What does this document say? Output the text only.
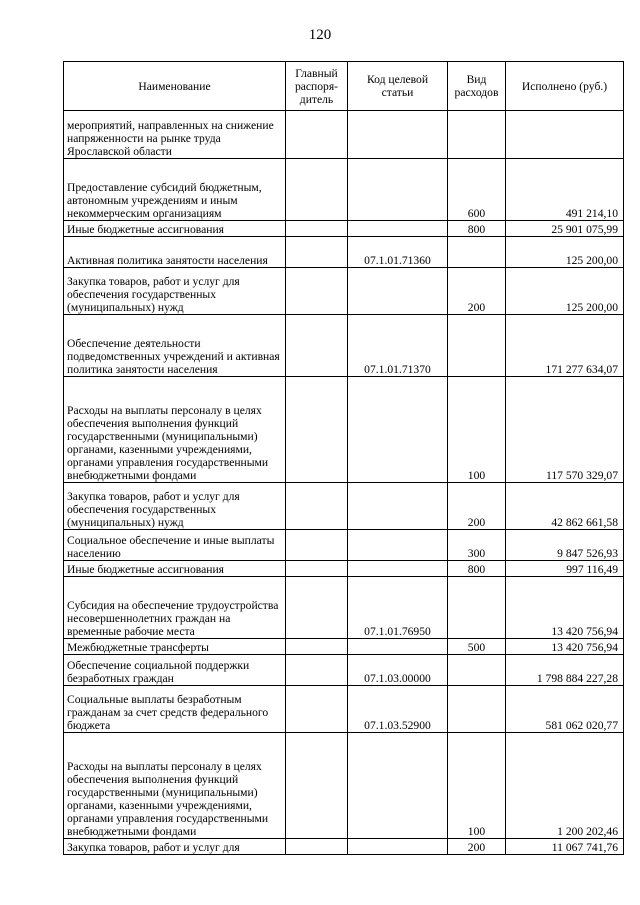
120
Наименование	Главный распоря-дитель	Код целевой статьи	Вид расходов	Исполнено (руб.)
мероприятий, направленных на снижение напряженности на рынке труда Ярославской области				
Предоставление субсидий бюджетным, автономным учреждениям и иным некоммерческим организациям			600	491 214,10
Иные бюджетные ассигнования			800	25 901 075,99
Активная политика занятости населения		07.1.01.71360		125 200,00
Закупка товаров, работ и услуг для обеспечения государственных (муниципальных) нужд			200	125 200,00
Обеспечение деятельности подведомственных учреждений и активная политика занятости населения		07.1.01.71370		171 277 634,07
Расходы на выплаты персоналу в целях обеспечения выполнения функций государственными (муниципальными) органами, казенными учреждениями, органами управления государственными внебюджетными фондами			100	117 570 329,07
Закупка товаров, работ и услуг для обеспечения государственных (муниципальных) нужд			200	42 862 661,58
Социальное обеспечение и иные выплаты населению			300	9 847 526,93
Иные бюджетные ассигнования			800	997 116,49
Субсидия на обеспечение трудоустройства несовершеннолетних граждан на временные рабочие места		07.1.01.76950		13 420 756,94
Межбюджетные трансферты			500	13 420 756,94
Обеспечение социальной поддержки безработных граждан		07.1.03.00000		1 798 884 227,28
Социальные выплаты безработным гражданам за счет средств федерального бюджета		07.1.03.52900		581 062 020,77
Расходы на выплаты персоналу в целях обеспечения выполнения функций государственными (муниципальными) органами, казенными учреждениями, органами управления государственными внебюджетными фондами			100	1 200 202,46
Закупка товаров, работ и услуг для			200	11 067 741,76
